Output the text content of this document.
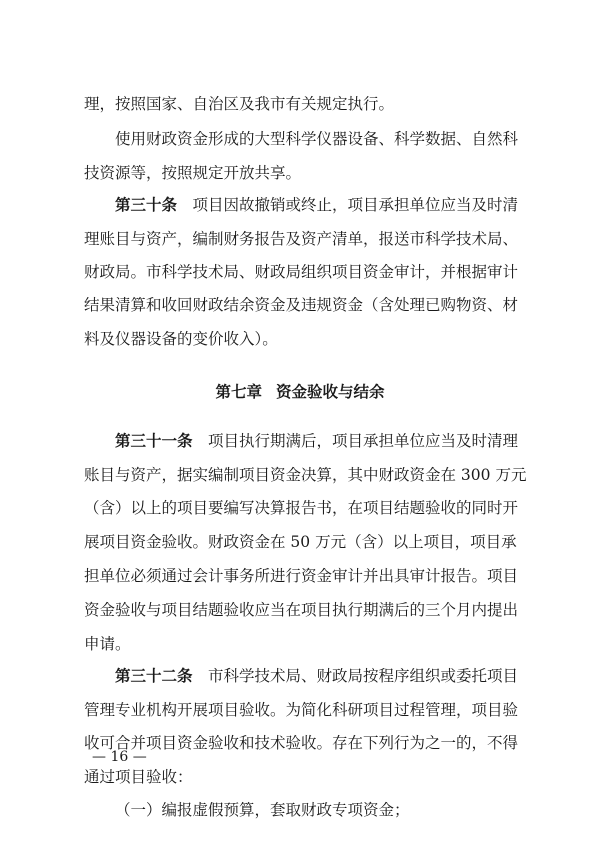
第七章 资金验收与结余
理，按照国家、自治区及我市有关规定执行。
使用财政资金形成的大型科学仪器设备、科学数据、自然科
技资源等，按照规定开放共享。
第三十条　项目因故撤销或终止，项目承担单位应当及时清
理账目与资产，编制财务报告及资产清单，报送市科学技术局、
财政局。市科学技术局、财政局组织项目资金审计，并根据审计
结果清算和收回财政结余资金及违规资金（含处理已购物资、材
料及仪器设备的变价收入）。
第三十一条　项目执行期满后，项目承担单位应当及时清理
账目与资产，据实编制项目资金决算，其中财政资金在 300 万元
（含）以上的项目要编写决算报告书，在项目结题验收的同时开
展项目资金验收。财政资金在 50 万元（含）以上项目，项目承
担单位必须通过会计事务所进行资金审计并出具审计报告。项目
资金验收与项目结题验收应当在项目执行期满后的三个月内提出
申请。
第三十二条　市科学技术局、财政局按程序组织或委托项目
管理专业机构开展项目验收。为简化科研项目过程管理，项目验
收可合并项目资金验收和技术验收。存在下列行为之一的，不得
通过项目验收：
（一）编报虚假预算，套取财政专项资金；
— 16 —
